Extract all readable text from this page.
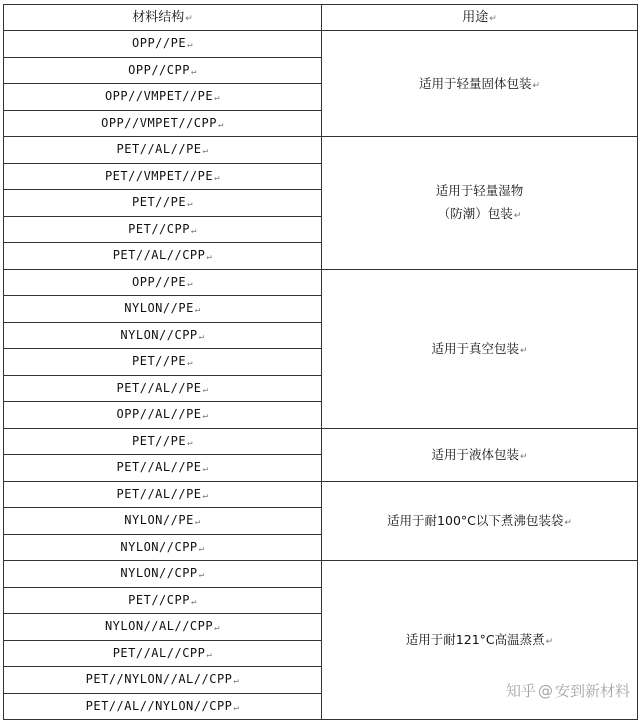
材料结构↵	用途↵
OPP//PE↵	适用于轻量固体包装↵

OPP//CPP↵	
OPP//VMPET//PE↵	
OPP//VMPET//CPP↵	
PET//AL//PE↵	适用于轻量湿物
（防潮）包装↵

PET//VMPET//PE↵	
PET//PE↵	
PET//CPP↵	
PET//AL//CPP↵	
OPP//PE↵	适用于真空包装↵

NYLON//PE↵	
NYLON//CPP↵	
PET//PE↵	
PET//AL//PE↵	
OPP//AL//PE↵	
PET//PE↵	适用于液体包装↵

PET//AL//PE↵	
PET//AL//PE↵	适用于耐100°C以下煮沸包装袋↵

NYLON//PE↵	
NYLON//CPP↵	
NYLON//CPP↵	适用于耐121°C高温蒸煮↵

PET//CPP↵	
NYLON//AL//CPP↵	
PET//AL//CPP↵	
PET//NYLON//AL//CPP↵	
PET//AL//NYLON//CPP↵	
知乎 @ 安到新材料
